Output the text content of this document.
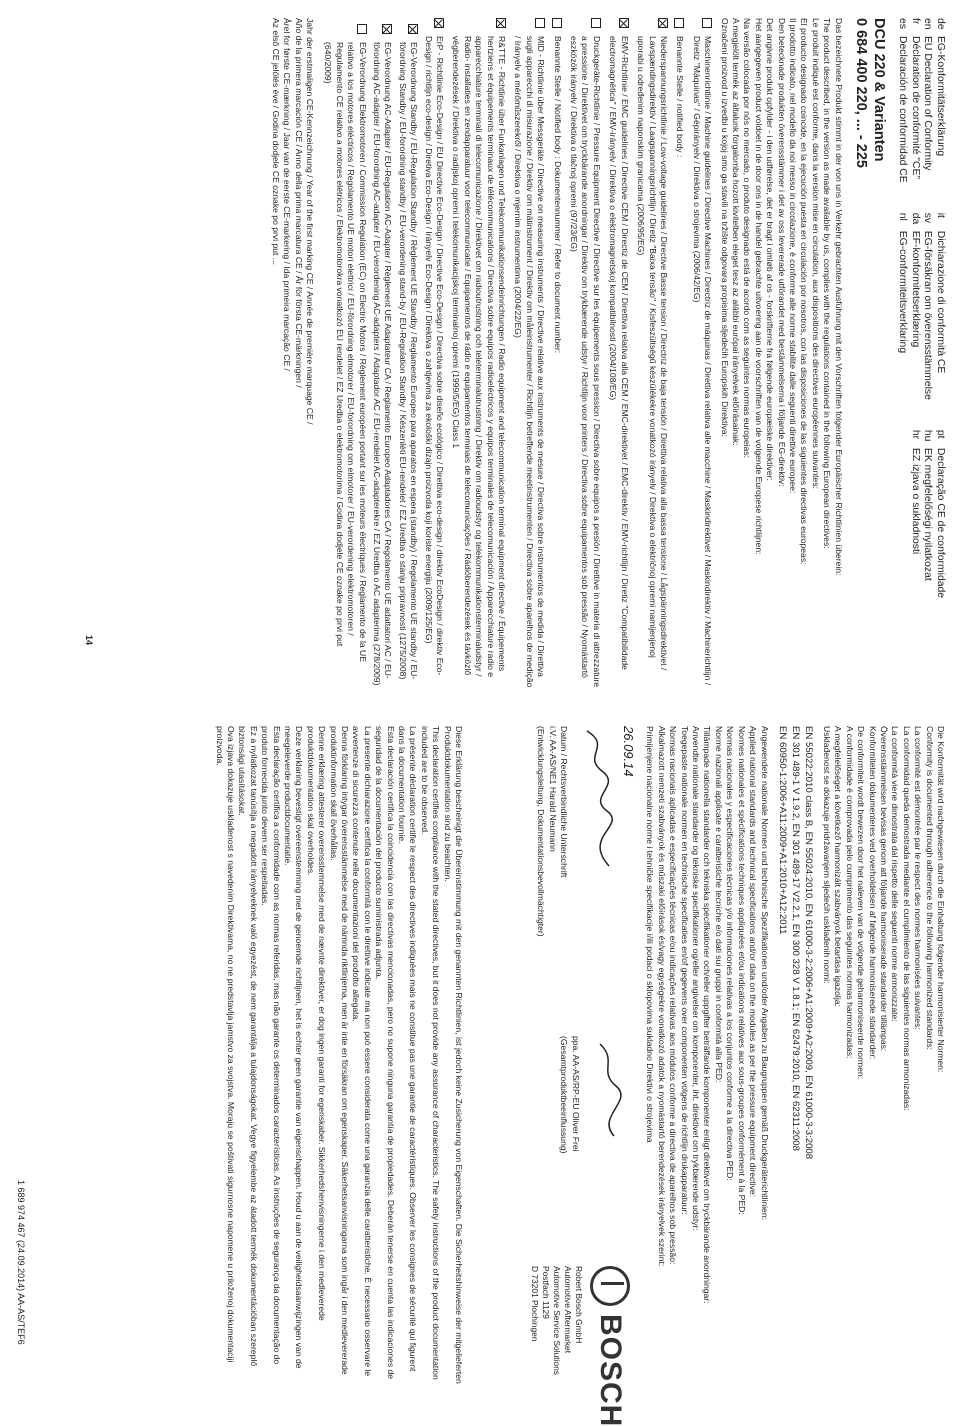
deEG-Konformitätserklärung
enEU Declaration of Conformity
frDéclaration de conformité "CE"
esDeclaración de conformidad CE
itDichiarazione di conformità CE
svEG-försäkran om överensstämmelse
daEF-konformitetserklæring
nlEG-conformiteitsverklaring
ptDeclaração CE de conformidade
huEK megfelelőségi nyilatkozat
hrEZ izjava o sukladnosti
DCU 220 & Varianten
0 684 400 220, ... - 225

Das bezeichnete Produkt stimmt in der von uns in Verkehr gebrachten Ausführung mit den Vorschriften folgender Europäischer Richtlinien überein:

The product described, in the version as made available by us, complies with the regulations contained in the following European directives:

Le produit indiqué est conforme, dans la version mise en circulation, aux dispositions des directives européennes suivantes:

El producto designado coincide, en la ejecución puesta en circulación por nosotros, con las disposiciones de las siguientes directivas europeas:

Il prodotto indicato, nel modello da noi messo in circolazione, è conforme alle norme stabilite dalle seguenti direttive europee:

Den betecknade produkten överensstämmer i det av oss levererade utförandet med bestämmelserna i följande EG-direktiv:

Det angivne produkt opfylder - i den udførelse, det er bragt i omløb af os - forskrifterne fra følgende europæiske direktiver:

Het aangegeven product voldoet in de door ons in de handel gebrachte uitvoering aan de voorschriften van de volgende Europese richtlijnen:

Na versão colocada por nós no mercado, o produto designado está de acordo com as seguintes normas europeias:

A megjelölt termék az általunk forgalomba hozott kivitelben eleget tesz az alábbi európai irányelvek előírásainak:

Označeni proizvod u izvedbi u kojoj smo ga stavili na tržište odgovara propisima sljedećih Europskih Direktiva:

Maschinenrichtlinie / Machine guidelines / Directive Machines / Directriz de máquinas / Direttiva relativa alle macchine / Maskindirektivet / Maskindirektiv / Machinerichtlijn / Diretiz "Máquinas" / Gépirányelv / Direktiva o strojevima (2006/42/EG)
Benannte Stelle / notified body :
Niederspannungsrichtlinie / Low-voltage guidelines / Directive Basse tension / Directriz de baja tensión / Direttiva relativa alla bassa tensione / Lågspänningsdirektivet / Lavspændingsdirektiv / Laagspanningsrichtlijn / Diretiz "Baixa tensão" / Kisfeszültségű készülékekre vonatkozó irányelv / Direktiva o električnoj opremi namijenjenoj uporabi u određenim naponskim granicama (2006/95/EG)
EMV-Richtlinie / EMC guidelines / Directive CEM / Directiz de CEM / Direttiva relativa alla CEM / EMC-direktivet / EMC-direktiv / EMV-richtlijn / Diretiz "Compatibilidade electromagnética" / EMV-irányelv / Direktiva o elektromagnetskoj kompatibilnosti (2004/108/EG)
Druckgeräte-Richtlinie / Pressure Equipment Directive / Directive sur les équipements sous pression / Directiva sobre equipos a presión / Direttive in materia di attrezzature a pressione / Direktivet om tryckbärande anordningar / Direktiv om trykbærende udstyr / Richtlijn voor printers / Directiva sobre equipamentos sob pressão / Nyomástartó eszközök irányelv / Direktiva o tlačnoj opremi (97/23/EG)
Benannte Stelle / Notified body : Dokumentennummer / Refer to document number:
MID - Richtlinie über Messgeräte / Directive on measuring instruments / Directive relative aux instruments de mesure / Directiva sobre instrumentos de medida / Direttiva sugli apparecchi di misurazione / Direktiv om mätinstrument / Direktiv om måleinstrumenter / Richtlijn betreffende meetinstrumenten / Directiva sobre aparelhos de medição / Irányelv a mérőműszerekről / Direktiva o mjernim instrumentima (2004/22/EG)
R&TTE - Richtlinie über Funkanlagen und Telekommunikationsendeinrichtungen / Radio equipment and telecommunication terminal equipment directive / Équipements hertziens et équipements terminaux de télécommunications / Directiva sobre equipos radioeléctricos y equipos terminales de telecomunicación / Apparecchiature radio e apparecchiature terminali di telecomunicazione / Direktivet om radioutrustning och teleterminalutrustning / Direktiv om radioudstyr og telekommunikationsterminaludstyr / Radio- installaties en zendapparatuur voor telecommunicatie / Equipamentos de rádio e equipamentos terminais de telecomunicações / Rádióberendezések és távközlő végberendezések / Direktiva o radijskoj opremi i telekomunikacijskoj terminalnoj opremi (1999/5/EG) Class 1
ErP - Richtlinie Eco-Design / EU Directive Eco-Design / Directive Eco-Design / Directiva sobre diseño ecológico / Direttiva eco-design / direktiv EcoDesign / direktiv Eco-Design / richtlijn eco-design / Diretiva Eco-Design / Irányelv Eco-Design / Direktiva o zahtjevima za ekološki dizajn proizvoda koji koriste energiju (2009/125/EG)
EG-Verordnung Standby / EU-Regulation Standby / Règlement UE Standby / Reglamento Europeo para aparatos en espera (standby) / Regolamento UE standby / EU-förordning Standby / EU-forordning standby / EU-verordening stand-by / EU-Regulation Standby / Készenléti EU-rendelet / EZ Uredba o stanju pripravnosti (1275/2008)
EG-Verordnung AC-Adapter / EU-Regulation AC-Adapter / Règlement UE Adaptateur CA / Reglamento Europeo Adaptadores CA / Regolamento UE adattatori AC / EU-förordning AC-adapter / EU-forordning AC-adapter / EU-verordening AC-adapters / Adaptador AC / EU-rendelet AC-adapterekre / EZ Uredba o AC adapterima (278/2009)
EG-Verordnung Elektromotoren / Commission Regulation (EC) on Electric Motors / Règlement européen portant sur les moteurs électriques / Reglamento de la UE relativo a los motores eléctricos / Regolamento UE motori elettrici / EU-förordning elmotorer / EU-forordning om elmotorer / EU-verordening elektromotoren / Regulamento CE relativo a motores elétricos / Elektromotorokra vonatkozó EU rendelet / EZ Uredba o elektromotorima / Godina dodjele CE oznake po prvi put (640/2009)

Jahr der erstmaligen CE-Kennzeichnung / Year of the first marking CE / Année de première marquage CE /

Año de la primera marcación CE / Anno della prima marcatura CE / År för första CE-märkningen /

Årel for første CE-mærkning / Jaar van de eerste CE-markering / Ida primeira marcação CE /

Az első CE jelölés éve / Godina dodjele CE oznake po prvi put ...

14

Die Konformität wird nachgewiesen durch die Einhaltung folgender harmonisierter Normen:

Conformity is documented through adherence to the following harmonized standards:

La conformité est démontrée par le respect des normes harmonisées suivantes:

La conformidad queda demostrada mediante el cumplimiento de las siguientes normas armonizadas:

La conformità viene dimostrata dal rispetto delle seguenti norme armonizzate:

Överensstämmelsen bevisas genom att följande harmoniserade standarder tillämpas:

Konformiteten dokumenteres ved overholdelsen af følgende harmoniserede standarder:

De conformiteit wordt bewezen door het naleven van de volgende geharmoniseerde normen:

A conformidade é comprovada pelo cumprimento das seguintes normas harmonizadas:

A megfelelőséget a következő harmonizált szabványok betartása igazolja:

Usklađenost se dokazuje pridržavanjem sljedećih usklađenih normi:

EN 55022:2010 class B, EN 55024:2010, EN 61000-3-2:2006+A1:2009+A2:2009, EN 61000-3-3:2008

EN 301 489-1 V 1.9.2, EN 301 489-17 V2.2.1, EN 300 328 V 1.8.1; EN 62479:2010, EN 62311:2008

EN 60950-1:2006+A11:2009+A1:2010+A12:2011

Angewendete nationale Normen und technische Spezifikationen und/oder Angaben zu Baugruppen gemäß Druckgeräterichtlinien:

Applied national standards and technical specifications and/or data on the modules as per the pressure equipment directive:

Normes nationales et spécifications techniques appliquées et/ou indications relatives aux sous-groupes conformément à la PED:

Normas nacionales y especificaciones técnicas y/o informaciones relativas a los conjuntos conforme a la directiva PED:

Norme nazionali applicate e caratteristiche tecniche e/o dati sui gruppi in conformità alla PED:

Tillämpade nationella standarder och tekniska specifikationer och/eller uppgifter beträffande komponenter enligt direktivet om tryckbärande anordningar:

Anvendte nationale standarder og tekniske specifikationer og/eller angivelser om komponenter, iht. direktivet om trykbærende udstyr:

Toegepaste nationale normen en technische specificaties en/of gegevens over componenten volgens de richtlijn drukapparatuur:

Normas nacionais aplicadas e especificações técnicas e/ou indicações relativas aos módulos conforme a directiva de aparelhos sob pressão:

Alkalmazott nemzeti szabványok és műszaki előírások és/vagy egységekre vonatkozó adatok a nyomástartó berendezések irányelvek szerint:

Primijenjene nacionalne norme i tehničke specifikacije i/ili podaci o sklopovima sukladno Direktivi o strojevima

26.09.14
Datum / Rechtsverbindliche Unterschrift
i.V. AA-AS/NE1 Harald Neumann
(Entwicklungsleitung, Dokumentationsbevollmächtigter)
ppa. AA-AS/RP-EU Oliver Frei
(Gesamtproduktbeeinflussung)
BOSCH

Robert Bosch GmbH

Automotive Aftermarket

Automotive Service Solutions

Postfach 1129

D 73201 Plochingen

Diese Erklärung bescheinigt die Übereinstimmung mit den genannten Richtlinien, ist jedoch keine Zusicherung von Eigenschaften. Die Sicherheitshinweise der mitgelieferten Produktdokumentation sind zu beachten.

This declaration certifies compliance with the stated directives, but it does not provide any assurance of characteristics. The safety instructions of the product documentation included are to be observed.

La présente déclaration certifie le respect des directives indiquées mais ne constitue pas une garantie de caractéristiques. Observer les consignes de sécurité qui figurent dans la documentation fournie.

Esta declaración certifica la coincidencia con las directivas mencionadas, pero no supone ninguna garantía de propiedades. Deberán tenerse en cuenta las indicaciones de seguridad de la documentación del producto suministrada adjunta.

La presente dichiarazione certifica la conformità con le direttive indicate ma non può essere considerata come una garanzia delle caratteristiche. È necessario osservare le avvertenze di sicurezza contenute nelle documentazioni del prodotto allegata.

Denna förklaring intygar överensstämmelse med de nämnda riktlinjerna, men är inte en försäkran om egenskaper. Säkerhetsanvisningarna som ingår i den medlevererade produktinformation skall överhållas.

Denne erklæring attesterer overensstemmelse med de nævnte direktiver, er dog ingen garanti for egenskaber. Sikkerhedshenvisningerne i den medleverede produktdokumentation skal overholdes.

Deze verklaring bevestigt overeenstemming met de genoemde richtlijnen, het is echter geen garantie van eigenschappen. Houd u aan de veiligheidsaanwijzingen van de meegeleverde productdocumentatie.

Esta declaração certifica a conformidade com as normas referidas, mas não garante os determinados características. As instruções de segurança da documentação do produto fornecida junto devem ser respeitadas.

Ez a nyilatkozat tanúsítja a megadott irányelveknek való egyezést, de nem garantálja a tulajdonságokat. Vegye figyelembe az átadott termék dokumentációban szereplő biztonsági utasításokat.

Ova izjava dokazuje usklađenost s navedenim Direktivama, no ne predstavlja jamstvo za svojstva. Moraju se poštivati sigurnosne napomene u priloženoj dokumentaciji proizvoda.

1 689 974 467 (24.09.2014) AA-AS/TEF6
